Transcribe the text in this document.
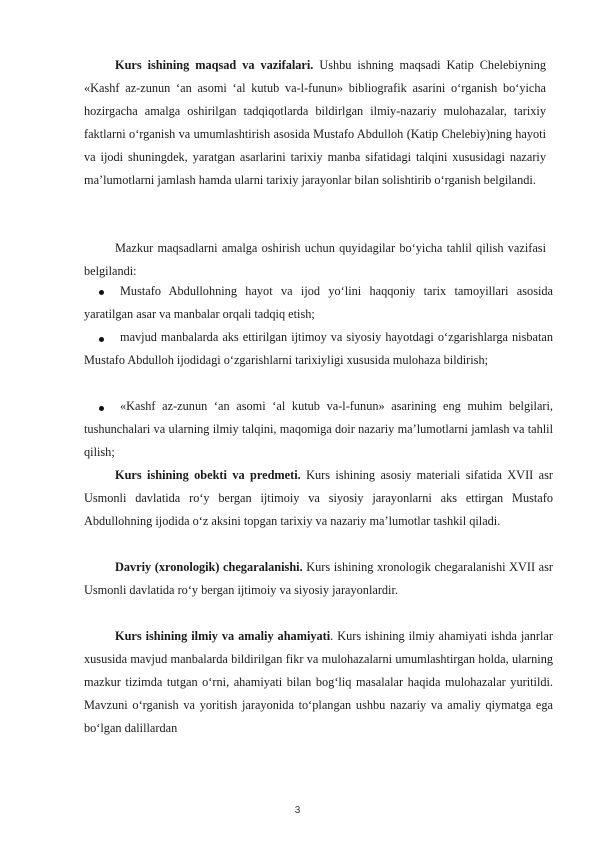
Kurs ishining maqsad va vazifalari. Ushbu ishning maqsadi Katip Chelebiyning «Kashf az-zunun ‘an asomi ‘al kutub va-l-funun» bibliografik asarini o‘rganish bo‘yicha hozirgacha amalga oshirilgan tadqiqotlarda bildirlgan ilmiy-nazariy mulohazalar, tarixiy faktlarni o‘rganish va umumlashtirish asosida Mustafo Abdulloh (Katip Chelebiy)ning hayoti va ijodi shuningdek, yaratgan asarlarini tarixiy manba sifatidagi talqini xususidagi nazariy ma’lumotlarni jamlash hamda ularni tarixiy jarayonlar bilan solishtirib o‘rganish belgilandi.
Mazkur maqsadlarni amalga oshirish uchun quyidagilar bo‘yicha tahlil qilish vazifasi belgilandi:
Mustafo Abdullohning hayot va ijod yo‘lini haqqoniy tarix tamoyillari asosida yaratilgan asar va manbalar orqali tadqiq etish;
mavjud manbalarda aks ettirilgan ijtimoy va siyosiy hayotdagi o‘zgarishlarga nisbatan Mustafo Abdulloh ijodidagi o‘zgarishlarni tarixiyligi xususida mulohaza bildirish;
«Kashf az-zunun ‘an asomi ‘al kutub va-l-funun» asarining eng muhim belgilari, tushunchalari va ularning ilmiy talqini, maqomiga doir nazariy ma’lumotlarni jamlash va tahlil qilish;
Kurs ishining obekti va predmeti. Kurs ishining asosiy materiali sifatida XVII asr Usmonli davlatida ro‘y bergan ijtimoiy va siyosiy jarayonlarni aks ettirgan Mustafo Abdullohning ijodida o‘z aksini topgan tarixiy va nazariy ma’lumotlar tashkil qiladi.
Davriy (xronologik) chegaralanishi. Kurs ishining xronologik chegaralanishi XVII asr Usmonli davlatida ro‘y bergan ijtimoiy va siyosiy jarayonlardir.
Kurs ishining ilmiy va amaliy ahamiyati. Kurs ishining ilmiy ahamiyati ishda janrlar xususida mavjud manbalarda bildirilgan fikr va mulohazalarni umumlashtirgan holda, ularning mazkur tizimda tutgan o‘rni, ahamiyati bilan bog‘liq masalalar haqida mulohazalar yuritildi. Mavzuni o‘rganish va yoritish jarayonida to‘plangan ushbu nazariy va amaliy qiymatga ega bo‘lgan dalillardan
3
